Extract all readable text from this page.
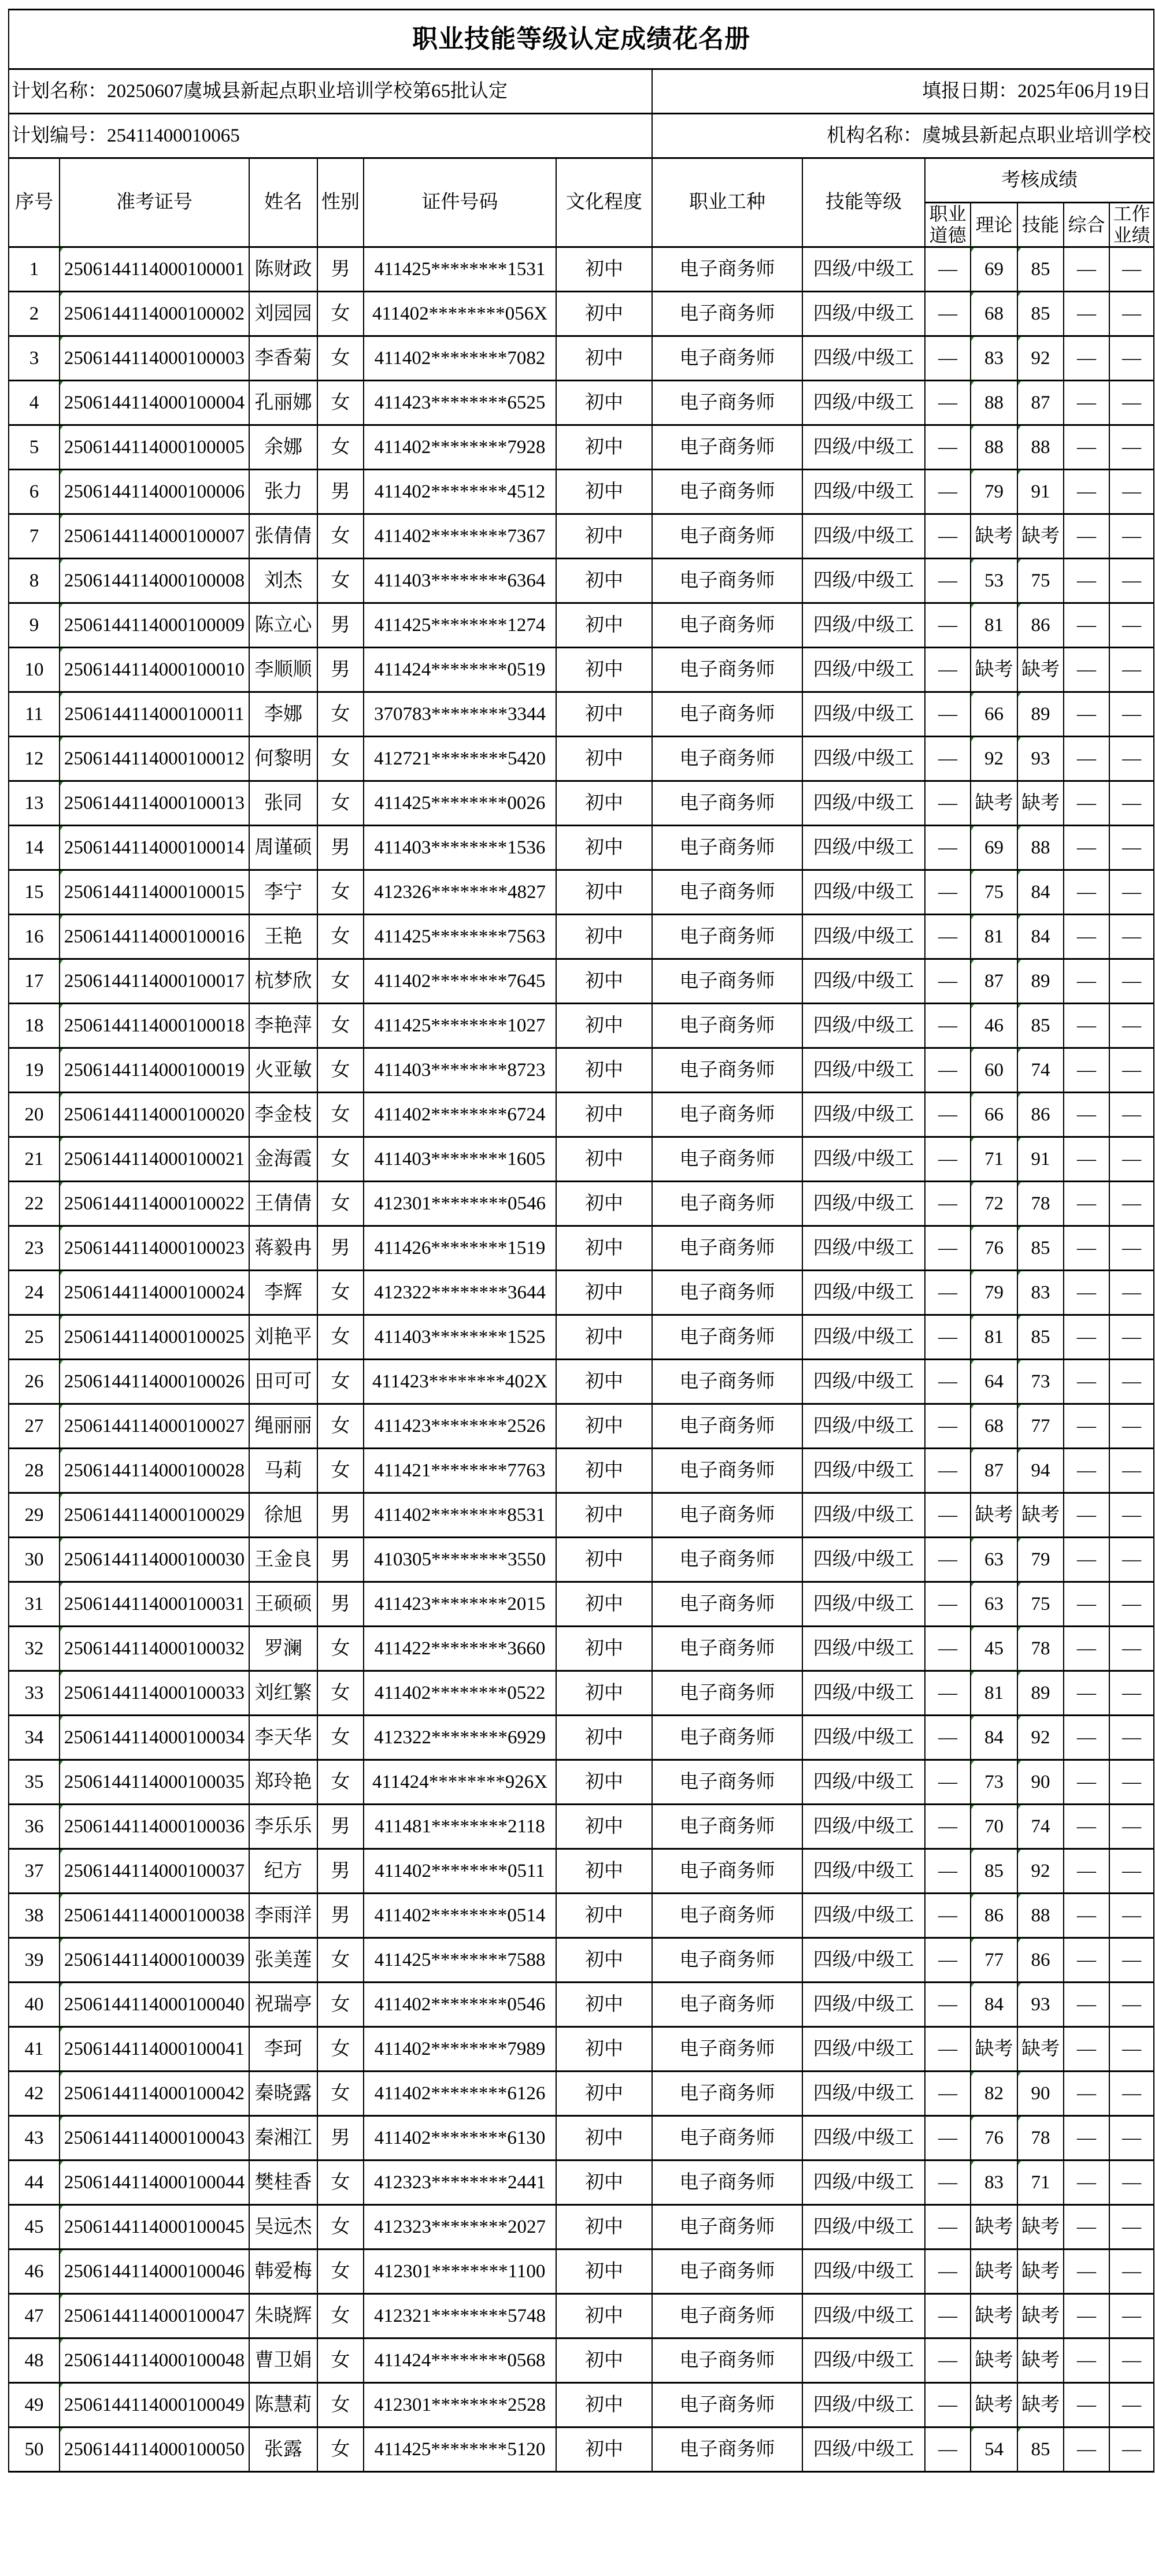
职业技能等级认定成绩花名册												
计划名称：20250607虞城县新起点职业培训学校第65批认定						填报日期：2025年06月19日						
计划编号：25411400010065						机构名称：虞城县新起点职业培训学校						
序号	准考证号	姓名	性别	证件号码	文化程度	职业工种	技能等级	考核成绩				
								职业道德	理论	技能	综合	工作业绩
1	2506144114000100001	陈财政	男	411425********1531	初中	电子商务师	四级/中级工	—	69	85	—	—
2	2506144114000100002	刘园园	女	411402********056X	初中	电子商务师	四级/中级工	—	68	85	—	—
3	2506144114000100003	李香菊	女	411402********7082	初中	电子商务师	四级/中级工	—	83	92	—	—
4	2506144114000100004	孔丽娜	女	411423********6525	初中	电子商务师	四级/中级工	—	88	87	—	—
5	2506144114000100005	余娜	女	411402********7928	初中	电子商务师	四级/中级工	—	88	88	—	—
6	2506144114000100006	张力	男	411402********4512	初中	电子商务师	四级/中级工	—	79	91	—	—
7	2506144114000100007	张倩倩	女	411402********7367	初中	电子商务师	四级/中级工	—	缺考	缺考	—	—
8	2506144114000100008	刘杰	女	411403********6364	初中	电子商务师	四级/中级工	—	53	75	—	—
9	2506144114000100009	陈立心	男	411425********1274	初中	电子商务师	四级/中级工	—	81	86	—	—
10	2506144114000100010	李顺顺	男	411424********0519	初中	电子商务师	四级/中级工	—	缺考	缺考	—	—
11	2506144114000100011	李娜	女	370783********3344	初中	电子商务师	四级/中级工	—	66	89	—	—
12	2506144114000100012	何黎明	女	412721********5420	初中	电子商务师	四级/中级工	—	92	93	—	—
13	2506144114000100013	张同	女	411425********0026	初中	电子商务师	四级/中级工	—	缺考	缺考	—	—
14	2506144114000100014	周谨硕	男	411403********1536	初中	电子商务师	四级/中级工	—	69	88	—	—
15	2506144114000100015	李宁	女	412326********4827	初中	电子商务师	四级/中级工	—	75	84	—	—
16	2506144114000100016	王艳	女	411425********7563	初中	电子商务师	四级/中级工	—	81	84	—	—
17	2506144114000100017	杭梦欣	女	411402********7645	初中	电子商务师	四级/中级工	—	87	89	—	—
18	2506144114000100018	李艳萍	女	411425********1027	初中	电子商务师	四级/中级工	—	46	85	—	—
19	2506144114000100019	火亚敏	女	411403********8723	初中	电子商务师	四级/中级工	—	60	74	—	—
20	2506144114000100020	李金枝	女	411402********6724	初中	电子商务师	四级/中级工	—	66	86	—	—
21	2506144114000100021	金海霞	女	411403********1605	初中	电子商务师	四级/中级工	—	71	91	—	—
22	2506144114000100022	王倩倩	女	412301********0546	初中	电子商务师	四级/中级工	—	72	78	—	—
23	2506144114000100023	蒋毅冉	男	411426********1519	初中	电子商务师	四级/中级工	—	76	85	—	—
24	2506144114000100024	李辉	女	412322********3644	初中	电子商务师	四级/中级工	—	79	83	—	—
25	2506144114000100025	刘艳平	女	411403********1525	初中	电子商务师	四级/中级工	—	81	85	—	—
26	2506144114000100026	田可可	女	411423********402X	初中	电子商务师	四级/中级工	—	64	73	—	—
27	2506144114000100027	绳丽丽	女	411423********2526	初中	电子商务师	四级/中级工	—	68	77	—	—
28	2506144114000100028	马莉	女	411421********7763	初中	电子商务师	四级/中级工	—	87	94	—	—
29	2506144114000100029	徐旭	男	411402********8531	初中	电子商务师	四级/中级工	—	缺考	缺考	—	—
30	2506144114000100030	王金良	男	410305********3550	初中	电子商务师	四级/中级工	—	63	79	—	—
31	2506144114000100031	王硕硕	男	411423********2015	初中	电子商务师	四级/中级工	—	63	75	—	—
32	2506144114000100032	罗澜	女	411422********3660	初中	电子商务师	四级/中级工	—	45	78	—	—
33	2506144114000100033	刘红繁	女	411402********0522	初中	电子商务师	四级/中级工	—	81	89	—	—
34	2506144114000100034	李天华	女	412322********6929	初中	电子商务师	四级/中级工	—	84	92	—	—
35	2506144114000100035	郑玲艳	女	411424********926X	初中	电子商务师	四级/中级工	—	73	90	—	—
36	2506144114000100036	李乐乐	男	411481********2118	初中	电子商务师	四级/中级工	—	70	74	—	—
37	2506144114000100037	纪方	男	411402********0511	初中	电子商务师	四级/中级工	—	85	92	—	—
38	2506144114000100038	李雨洋	男	411402********0514	初中	电子商务师	四级/中级工	—	86	88	—	—
39	2506144114000100039	张美莲	女	411425********7588	初中	电子商务师	四级/中级工	—	77	86	—	—
40	2506144114000100040	祝瑞亭	女	411402********0546	初中	电子商务师	四级/中级工	—	84	93	—	—
41	2506144114000100041	李珂	女	411402********7989	初中	电子商务师	四级/中级工	—	缺考	缺考	—	—
42	2506144114000100042	秦晓露	女	411402********6126	初中	电子商务师	四级/中级工	—	82	90	—	—
43	2506144114000100043	秦湘江	男	411402********6130	初中	电子商务师	四级/中级工	—	76	78	—	—
44	2506144114000100044	樊桂香	女	412323********2441	初中	电子商务师	四级/中级工	—	83	71	—	—
45	2506144114000100045	吴远杰	女	412323********2027	初中	电子商务师	四级/中级工	—	缺考	缺考	—	—
46	2506144114000100046	韩爱梅	女	412301********1100	初中	电子商务师	四级/中级工	—	缺考	缺考	—	—
47	2506144114000100047	朱晓辉	女	412321********5748	初中	电子商务师	四级/中级工	—	缺考	缺考	—	—
48	2506144114000100048	曹卫娟	女	411424********0568	初中	电子商务师	四级/中级工	—	缺考	缺考	—	—
49	2506144114000100049	陈慧莉	女	412301********2528	初中	电子商务师	四级/中级工	—	缺考	缺考	—	—
50	2506144114000100050	张露	女	411425********5120	初中	电子商务师	四级/中级工	—	54	85	—	—
